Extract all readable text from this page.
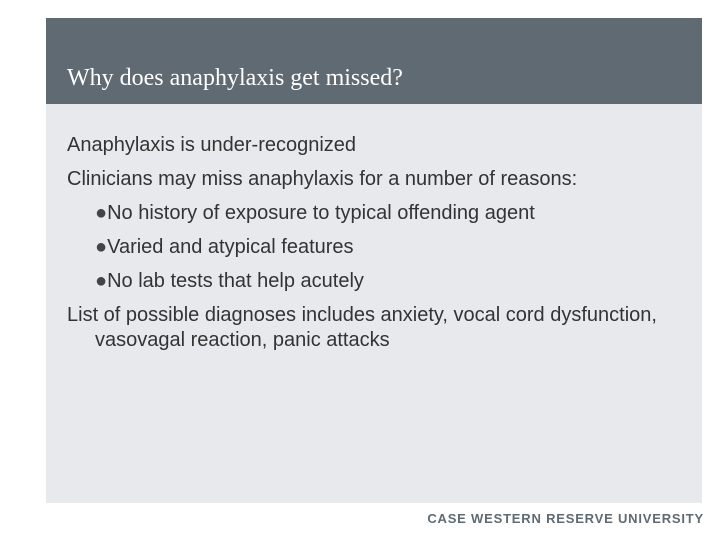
Why does anaphylaxis get missed?
Anaphylaxis is under-recognized
Clinicians may miss anaphylaxis for a number of reasons:
●No history of exposure to typical offending agent
●Varied and atypical features
●No lab tests that help acutely
List of possible diagnoses includes anxiety, vocal cord dysfunction, vasovagal reaction, panic attacks
CASE WESTERN RESERVE UNIVERSITY
